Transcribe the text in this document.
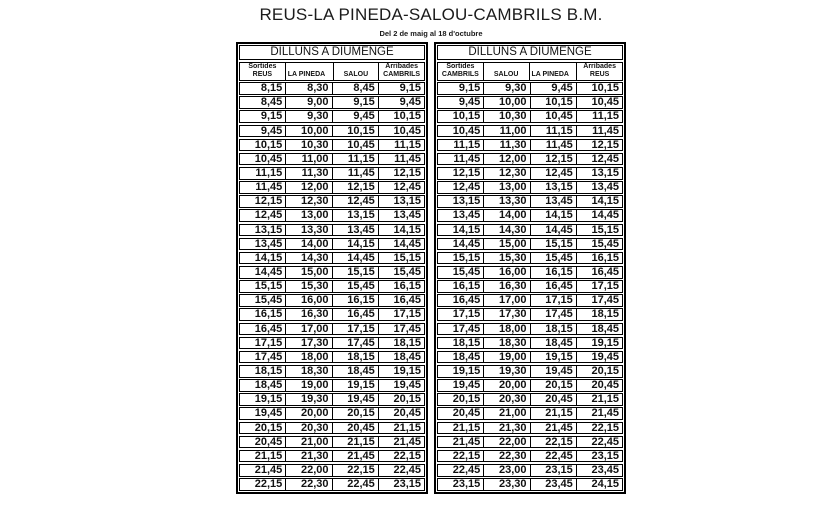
REUS-LA PINEDA-SALOU-CAMBRILS B.M.
Del 2 de maig al 18 d'octubre
DILLUNS A DIUMENGE
Sortides
REUS LA PINEDA	SALOU
Arribades
CAMBRILS
8,15	8,30	8,45	9,15
8,45	9,00	9,15	9,45
9,15	9,30	9,45	10,15
9,45	10,00	10,15	10,45
10,15	10,30	10,45	11,15
10,45	11,00	11,15	11,45
11,15	11,30	11,45	12,15
11,45	12,00	12,15	12,45
12,15	12,30	12,45	13,15
12,45	13,00	13,15	13,45
13,15	13,30	13,45	14,15
13,45	14,00	14,15	14,45
14,15	14,30	14,45	15,15
14,45	15,00	15,15	15,45
15,15	15,30	15,45	16,15
15,45	16,00	16,15	16,45
16,15	16,30	16,45	17,15
16,45	17,00	17,15	17,45
17,15	17,30	17,45	18,15
17,45	18,00	18,15	18,45
18,15	18,30	18,45	19,15
18,45	19,00	19,15	19,45
19,15	19,30	19,45	20,15
19,45	20,00	20,15	20,45
20,15	20,30	20,45	21,15
20,45	21,00	21,15	21,45
21,15	21,30	21,45	22,15
21,45	22,00	22,15	22,45
22,15	22,30	22,45	23,15
DILLUNS A DIUMENGE
Sortides
CAMBRILS SALOU LA PINEDA
Arribades
REUS
9,15	9,30	9,45	10,15
9,45	10,00	10,15	10,45
10,15	10,30	10,45	11,15
10,45	11,00	11,15	11,45
11,15	11,30	11,45	12,15
11,45	12,00	12,15	12,45
12,15	12,30	12,45	13,15
12,45	13,00	13,15	13,45
13,15	13,30	13,45	14,15
13,45	14,00	14,15	14,45
14,15	14,30	14,45	15,15
14,45	15,00	15,15	15,45
15,15	15,30	15,45	16,15
15,45	16,00	16,15	16,45
16,15	16,30	16,45	17,15
16,45	17,00	17,15	17,45
17,15	17,30	17,45	18,15
17,45	18,00	18,15	18,45
18,15	18,30	18,45	19,15
18,45	19,00	19,15	19,45
19,15	19,30	19,45	20,15
19,45	20,00	20,15	20,45
20,15	20,30	20,45	21,15
20,45	21,00	21,15	21,45
21,15	21,30	21,45	22,15
21,45	22,00	22,15	22,45
22,15	22,30	22,45	23,15
22,45	23,00	23,15	23,45
23,15	23,30	23,45	24,15
